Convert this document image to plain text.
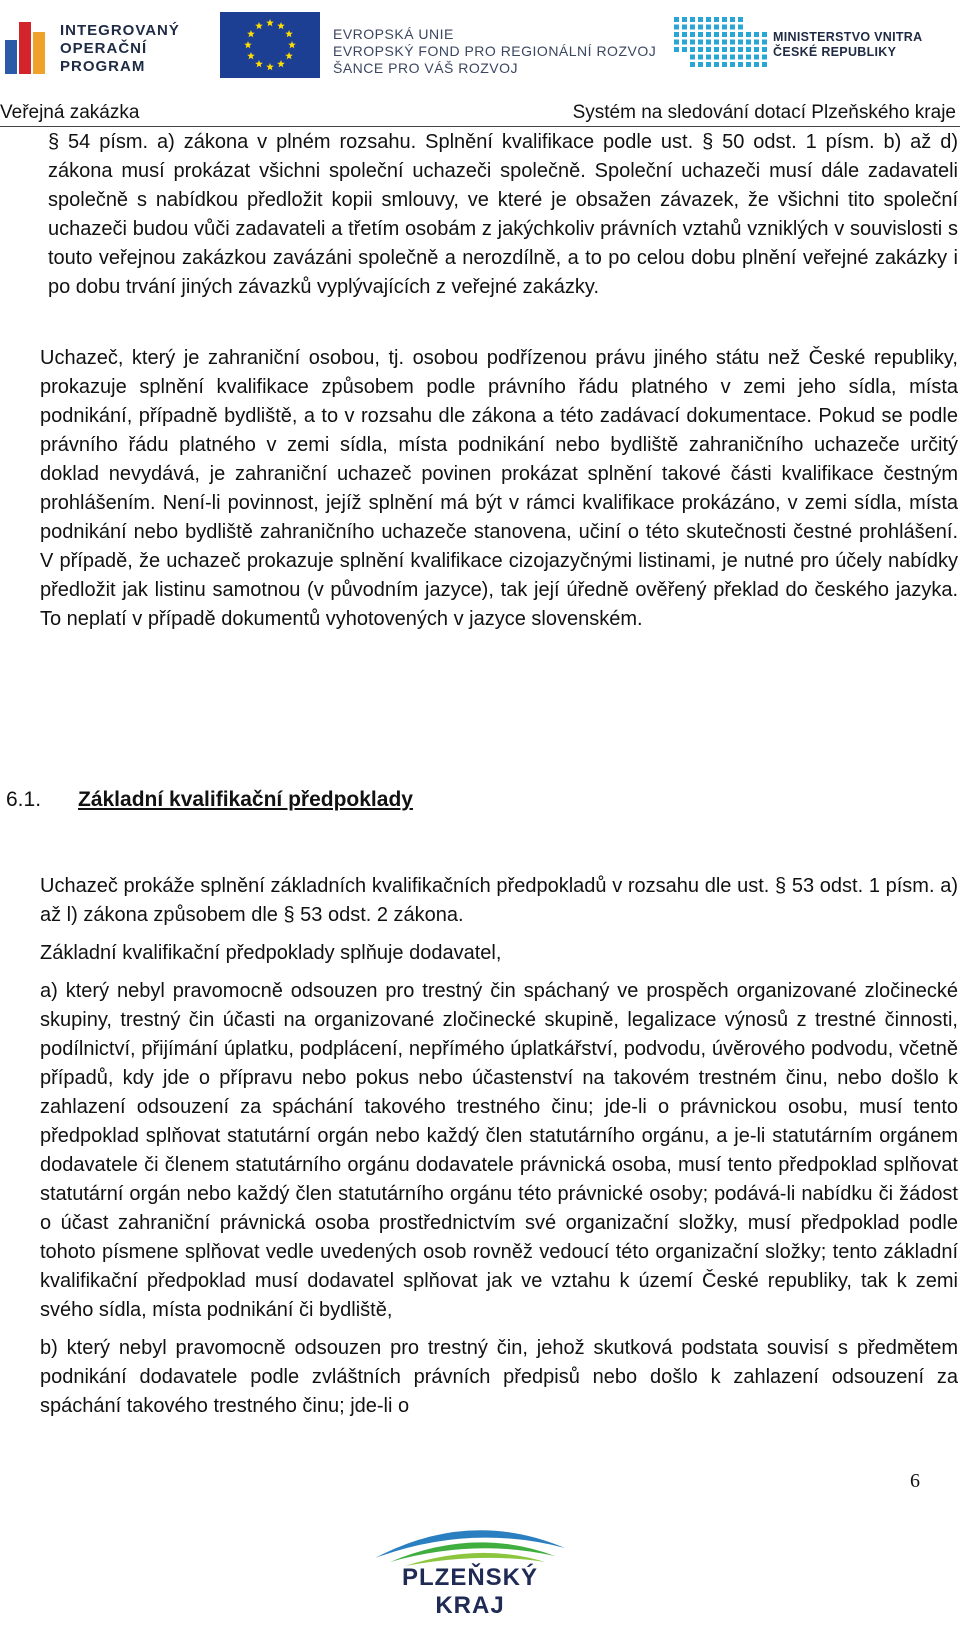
INTEGROVANÝ
OPERAČNÍ
PROGRAM
EVROPSKÁ UNIE
EVROPSKÝ FOND PRO REGIONÁLNÍ ROZVOJ
ŠANCE PRO VÁŠ ROZVOJ
MINISTERSTVO VNITRA
ČESKÉ REPUBLIKY
Veřejná zakázka	Systém na sledování dotací Plzeňského kraje

§ 54 písm. a) zákona v plném rozsahu. Splnění kvalifikace podle ust. § 50 odst. 1 písm. b) až d) zákona musí prokázat všichni společní uchazeči společně. Společní uchazeči musí dále zadavateli společně s nabídkou předložit kopii smlouvy, ve které je obsažen závazek, že všichni tito společní uchazeči budou vůči zadavateli a třetím osobám z jakýchkoliv právních vztahů vzniklých v souvislosti s touto veřejnou zakázkou zavázáni společně a nerozdílně, a to po celou dobu plnění veřejné zakázky i po dobu trvání jiných závazků vyplývajících z veřejné zakázky.

Uchazeč, který je zahraniční osobou, tj. osobou podřízenou právu jiného státu než České republiky, prokazuje splnění kvalifikace způsobem podle právního řádu platného v zemi jeho sídla, místa podnikání, případně bydliště, a to v rozsahu dle zákona a této zadávací dokumentace. Pokud se podle právního řádu platného v zemi sídla, místa podnikání nebo bydliště zahraničního uchazeče určitý doklad nevydává, je zahraniční uchazeč povinen prokázat splnění takové části kvalifikace čestným prohlášením. Není-li povinnost, jejíž splnění má být v rámci kvalifikace prokázáno, v zemi sídla, místa podnikání nebo bydliště zahraničního uchazeče stanovena, učiní o této skutečnosti čestné prohlášení. V případě, že uchazeč prokazuje splnění kvalifikace cizojazyčnými listinami, je nutné pro účely nabídky předložit jak listinu samotnou (v původním jazyce), tak její úředně ověřený překlad do českého jazyka. To neplatí v případě dokumentů vyhotovených v jazyce slovenském.

6.1. Základní kvalifikační předpoklady

Uchazeč prokáže splnění základních kvalifikačních předpokladů v rozsahu dle ust. § 53 odst. 1 písm. a) až l) zákona způsobem dle § 53 odst. 2 zákona.

Základní kvalifikační předpoklady splňuje dodavatel,

a) který nebyl pravomocně odsouzen pro trestný čin spáchaný ve prospěch organizované zločinecké skupiny, trestný čin účasti na organizované zločinecké skupině, legalizace výnosů z trestné činnosti, podílnictví, přijímání úplatku, podplácení, nepřímého úplatkářství, podvodu, úvěrového podvodu, včetně případů, kdy jde o přípravu nebo pokus nebo účastenství na takovém trestném činu, nebo došlo k zahlazení odsouzení za spáchání takového trestného činu; jde-li o právnickou osobu, musí tento předpoklad splňovat statutární orgán nebo každý člen statutárního orgánu, a je-li statutárním orgánem dodavatele či členem statutárního orgánu dodavatele právnická osoba, musí tento předpoklad splňovat statutární orgán nebo každý člen statutárního orgánu této právnické osoby; podává-li nabídku či žádost o účast zahraniční právnická osoba prostřednictvím své organizační složky, musí předpoklad podle tohoto písmene splňovat vedle uvedených osob rovněž vedoucí této organizační složky; tento základní kvalifikační předpoklad musí dodavatel splňovat jak ve vztahu k území České republiky, tak k zemi svého sídla, místa podnikání či bydliště,

b) který nebyl pravomocně odsouzen pro trestný čin, jehož skutková podstata souvisí s předmětem podnikání dodavatele podle zvláštních právních předpisů nebo došlo k zahlazení odsouzení za spáchání takového trestného činu; jde-li o

6
PLZEŇSKÝ KRAJ
